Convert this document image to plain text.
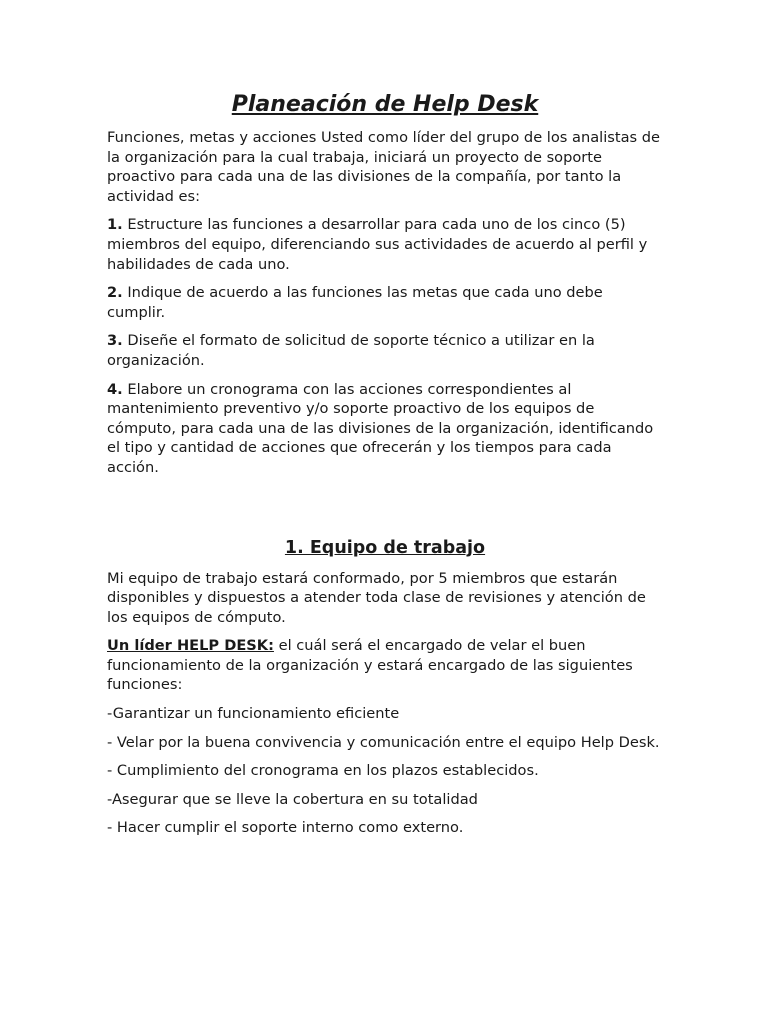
Planeación de Help Desk

Funciones, metas y acciones Usted como líder del grupo de los analistas de la organización para la cual trabaja, iniciará un proyecto de soporte proactivo para cada una de las divisiones de la compañía, por tanto la actividad es:

1. Estructure las funciones a desarrollar para cada uno de los cinco (5) miembros del equipo, diferenciando sus actividades de acuerdo al perfil y habilidades de cada uno.

2. Indique de acuerdo a las funciones las metas que cada uno debe cumplir.

3. Diseñe el formato de solicitud de soporte técnico a utilizar en la organización.

4. Elabore un cronograma con las acciones correspondientes al mantenimiento preventivo y/o soporte proactivo de los equipos de cómputo, para cada una de las divisiones de la organización, identificando el tipo y cantidad de acciones que ofrecerán y los tiempos para cada acción.

1. Equipo de trabajo

Mi equipo de trabajo estará conformado, por 5 miembros que estarán disponibles y dispuestos a atender toda clase de revisiones y atención de los equipos de cómputo.

Un líder HELP DESK: el cuál será el encargado de velar el buen funcionamiento de la organización y estará encargado de las siguientes funciones:

-Garantizar un funcionamiento eficiente

- Velar por la buena convivencia y comunicación entre el equipo Help Desk.

- Cumplimiento del cronograma en los plazos establecidos.

-Asegurar que se lleve la cobertura en su totalidad

- Hacer cumplir el soporte interno como externo.
